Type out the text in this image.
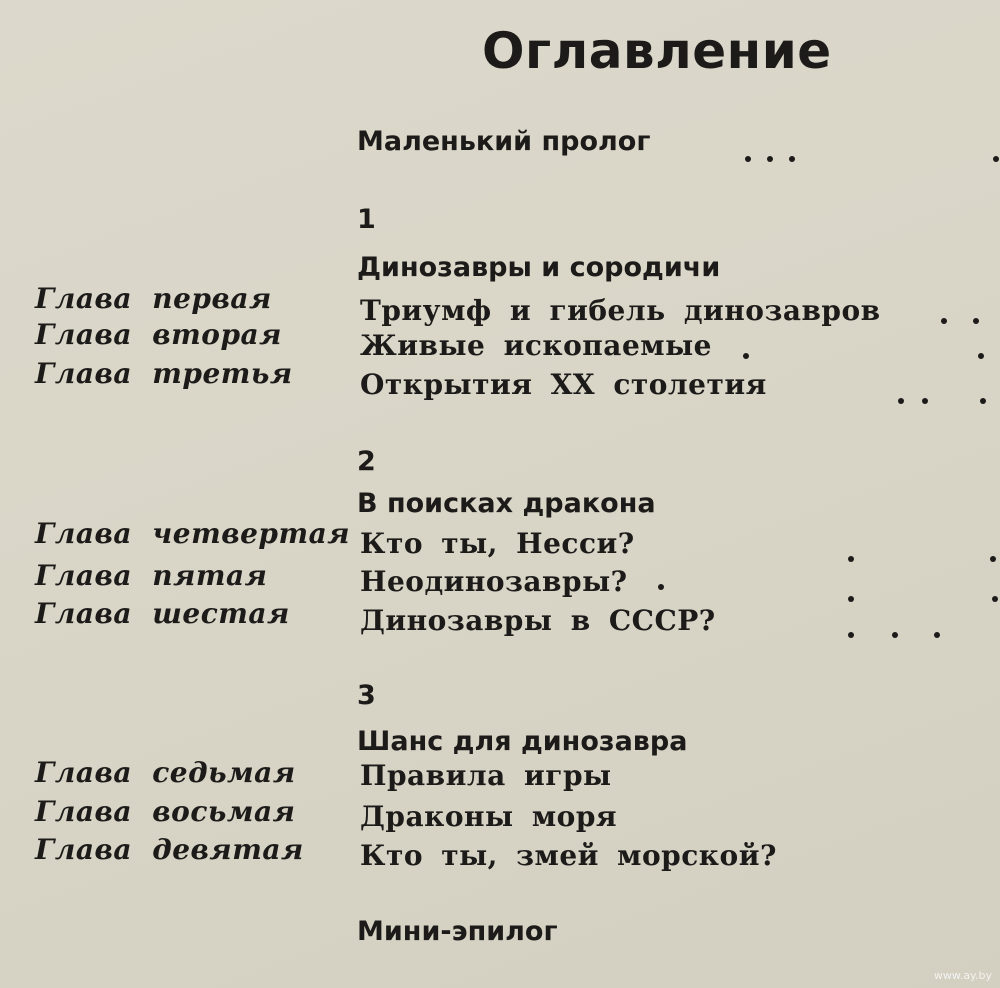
Оглавление
Маленький пролог
1
Динозавры и сородичи
Глава первая	Триумф и гибель динозавров
Глава вторая	Живые ископаемые
Глава третья Открытия XX столетия
2
В поисках дракона
Глава четвертая Кто ты, Несси?
Глава пятая	Неодинозавры?
Глава шестая	Динозавры в СССР?
3
Шанс для динозавра
Глава седьмая Правила игры
Глава восьмая Драконы моря
Глава девятая Кто ты, змей морской?
Мини-эпилог
www.ay.by
